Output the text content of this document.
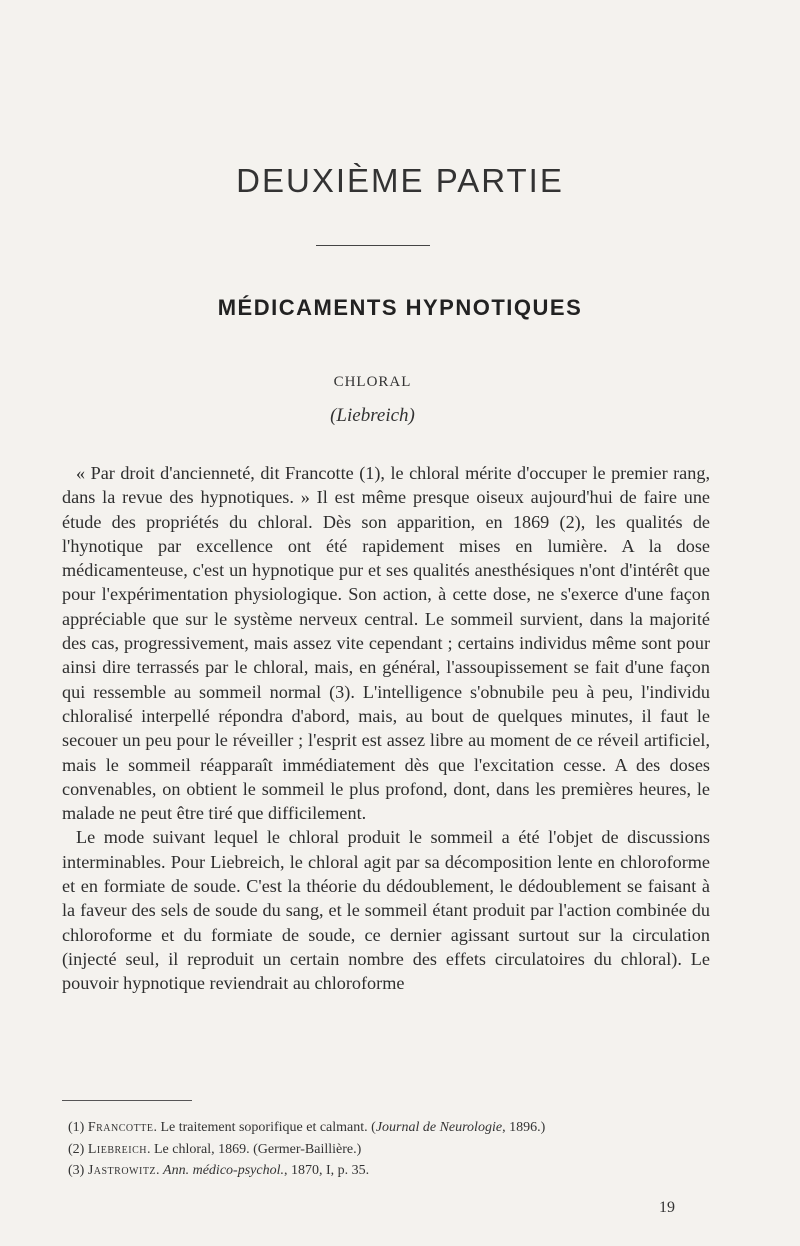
DEUXIÈME PARTIE
MÉDICAMENTS HYPNOTIQUES
CHLORAL
(Liebreich)

« Par droit d'ancienneté, dit Francotte (1), le chloral mérite d'occuper le premier rang, dans la revue des hypnotiques. » Il est même presque oiseux aujourd'hui de faire une étude des propriétés du chloral. Dès son apparition, en 1869 (2), les qualités de l'hynotique par excellence ont été rapidement mises en lumière. A la dose médicamenteuse, c'est un hypnotique pur et ses qualités anesthésiques n'ont d'intérêt que pour l'expérimentation physiologique. Son action, à cette dose, ne s'exerce d'une façon appréciable que sur le système nerveux central. Le sommeil survient, dans la majorité des cas, progressivement, mais assez vite cependant ; certains individus même sont pour ainsi dire terrassés par le chloral, mais, en général, l'assoupissement se fait d'une façon qui ressemble au sommeil normal (3). L'intelligence s'obnubile peu à peu, l'individu chloralisé interpellé répondra d'abord, mais, au bout de quelques minutes, il faut le secouer un peu pour le réveiller ; l'esprit est assez libre au moment de ce réveil artificiel, mais le sommeil réapparaît immédiatement dès que l'excitation cesse. A des doses convenables, on obtient le sommeil le plus profond, dont, dans les premières heures, le malade ne peut être tiré que difficilement.

Le mode suivant lequel le chloral produit le sommeil a été l'objet de discussions interminables. Pour Liebreich, le chloral agit par sa décomposition lente en chloroforme et en formiate de soude. C'est la théorie du dédoublement, le dédoublement se faisant à la faveur des sels de soude du sang, et le sommeil étant produit par l'action combinée du chloroforme et du formiate de soude, ce dernier agissant surtout sur la circulation (injecté seul, il reproduit un certain nombre des effets circulatoires du chloral). Le pouvoir hypnotique reviendrait au chloroforme

(1) Francotte. Le traitement soporifique et calmant. (Journal de Neurologie, 1896.)
(2) Liebreich. Le chloral, 1869. (Germer-Baillière.)
(3) Jastrowitz. Ann. médico-psychol., 1870, I, p. 35.
19
